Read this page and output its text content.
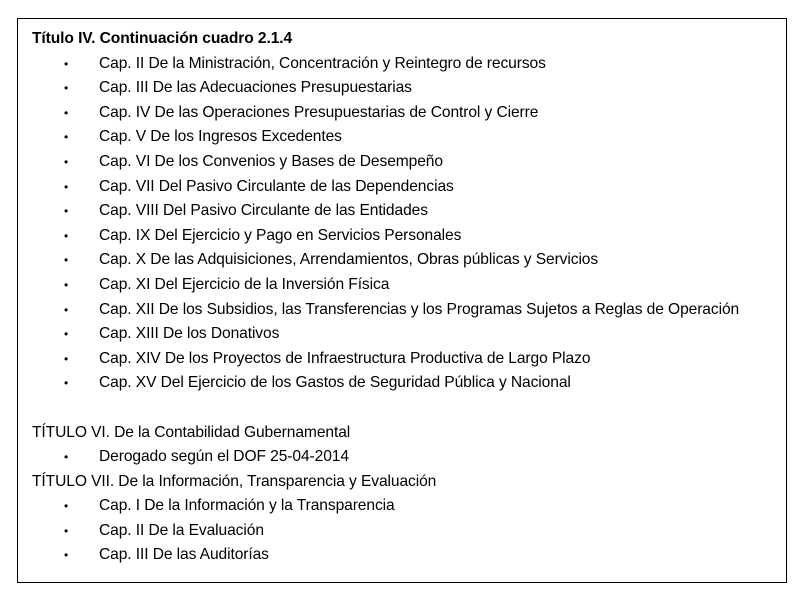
Título IV. Continuación cuadro 2.1.4
• Cap. II De la Ministración, Concentración y Reintegro de recursos
• Cap. III De las Adecuaciones Presupuestarias
• Cap. IV De las Operaciones Presupuestarias de Control y Cierre
• Cap. V De los Ingresos Excedentes
• Cap. VI De los Convenios y Bases de Desempeño
• Cap. VII Del Pasivo Circulante de las Dependencias
• Cap. VIII Del Pasivo Circulante de las Entidades
• Cap. IX Del Ejercicio y Pago en Servicios Personales
• Cap. X De las Adquisiciones, Arrendamientos, Obras públicas y Servicios
• Cap. XI Del Ejercicio de la Inversión Física
• Cap. XII De los Subsidios, las Transferencias y los Programas Sujetos a Reglas de Operación
• Cap. XIII De los Donativos
• Cap. XIV De los Proyectos de Infraestructura Productiva de Largo Plazo
• Cap. XV Del Ejercicio de los Gastos de Seguridad Pública y Nacional
TÍTULO VI. De la Contabilidad Gubernamental
• Derogado según el DOF 25-04-2014
TÍTULO VII. De la Información, Transparencia y Evaluación
• Cap. I De la Información y la Transparencia
• Cap. II De la Evaluación
• Cap. III De las Auditorías
